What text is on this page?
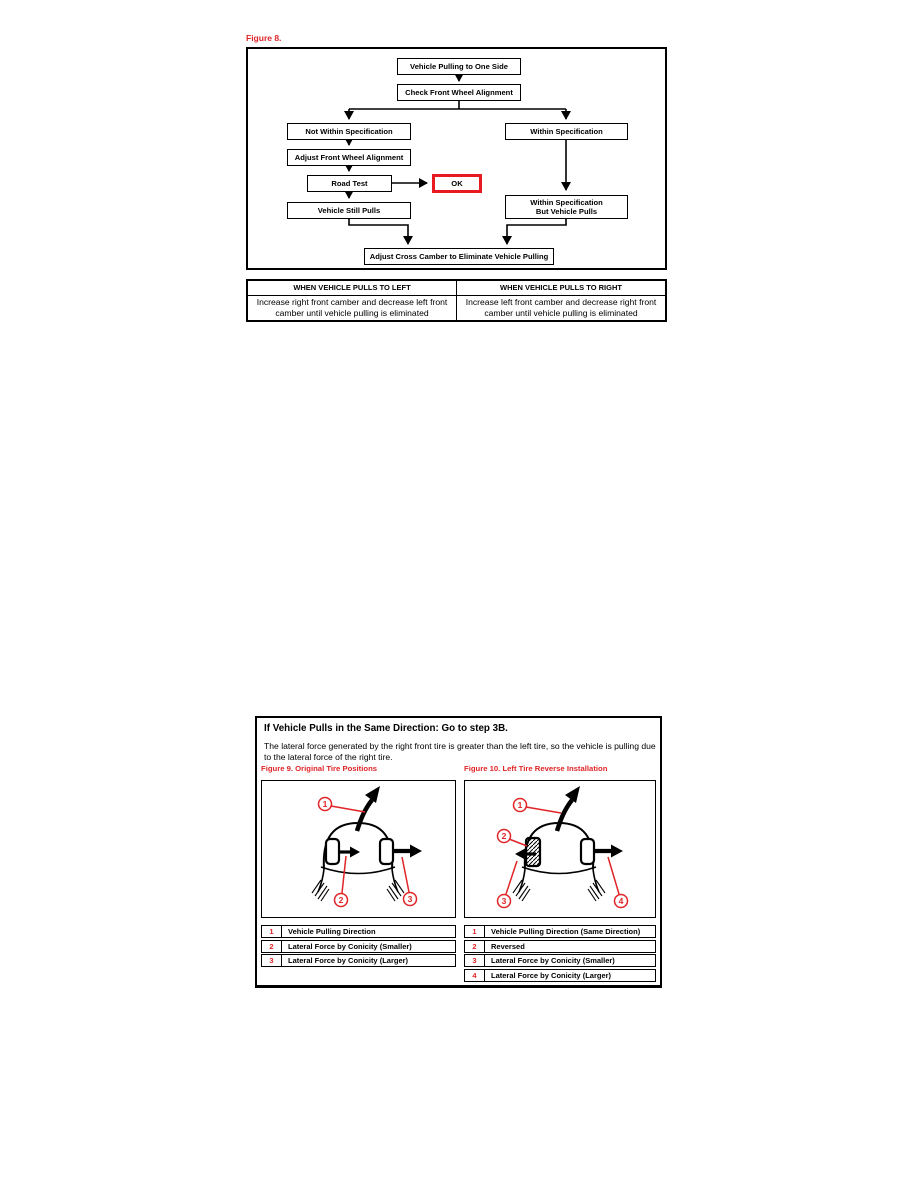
Figure 8.
Vehicle Pulling to One Side
Check Front Wheel Alignment
Not Within Specification	Within Specification
Adjust Front Wheel Alignment
Road Test	OK
Vehicle Still Pulls
Within Specification
But Vehicle Pulls
Adjust Cross Camber to Eliminate Vehicle Pulling
WHEN VEHICLE PULLS TO LEFT	WHEN VEHICLE PULLS TO RIGHT
Increase right front camber and decrease left front camber until vehicle pulling is eliminated	Increase left front camber and decrease right front camber until vehicle pulling is eliminated
If Vehicle Pulls in the Same Direction: Go to step 3B.
The lateral force generated by the right front tire is greater than the left tire, so the vehicle is pulling due to the lateral force of the right tire.
Figure 9. Original Tire Positions	Figure 10. Left Tire Reverse Installation
1
2	3
1
2
3	4
1	Vehicle Pulling Direction
2	Lateral Force by Conicity (Smaller)
3	Lateral Force by Conicity (Larger)
1	Vehicle Pulling Direction (Same Direction)
2	Reversed
3	Lateral Force by Conicity (Smaller)
4	Lateral Force by Conicity (Larger)
